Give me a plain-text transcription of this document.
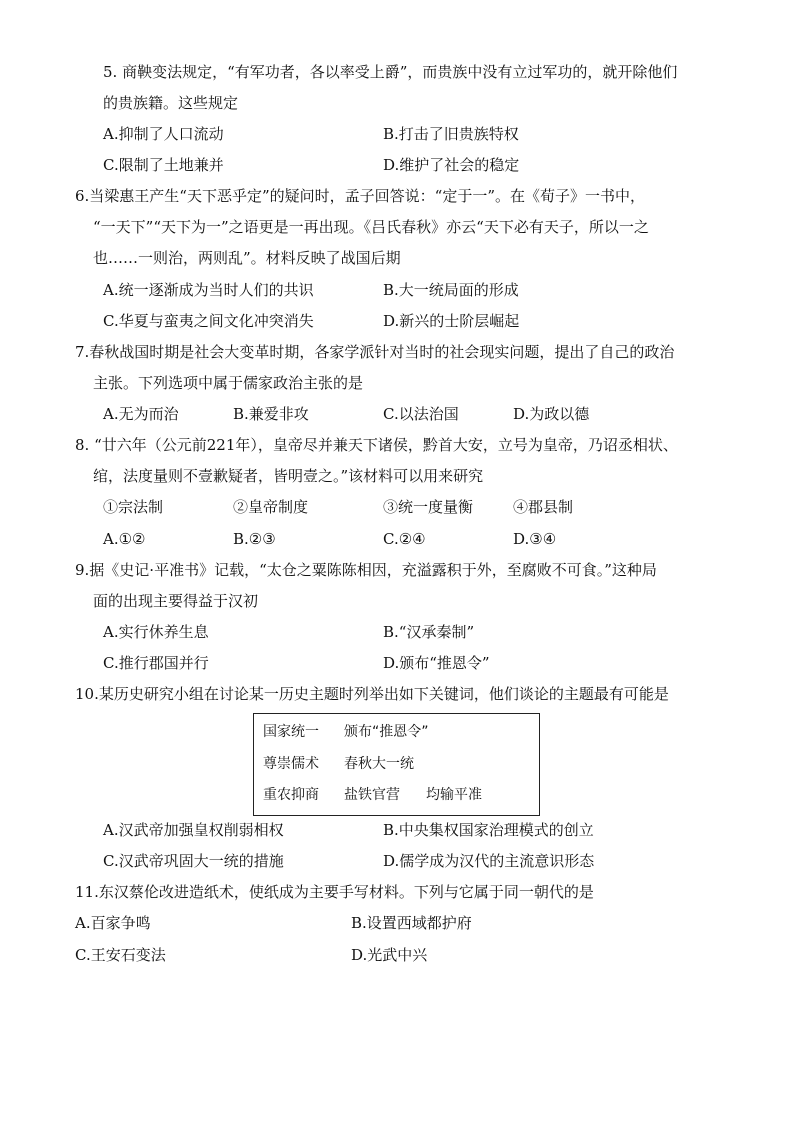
5. 商鞅变法规定，“有军功者，各以率受上爵”，而贵族中没有立过军功的，就开除他们
的贵族籍。这些规定
A.抑制了人口流动	B.打击了旧贵族特权
C.限制了土地兼并	D.维护了社会的稳定
6.当梁惠王产生“天下恶乎定”的疑问时，孟子回答说：“定于一”。在《荀子》一书中，
“一天下”“天下为一”之语更是一再出现。《吕氏春秋》亦云“天下必有天子，所以一之
也……一则治，两则乱”。材料反映了战国后期
A.统一逐渐成为当时人们的共识	B.大一统局面的形成
C.华夏与蛮夷之间文化冲突消失	D.新兴的士阶层崛起
7.春秋战国时期是社会大变革时期，各家学派针对当时的社会现实问题，提出了自己的政治
主张。下列选项中属于儒家政治主张的是
A.无为而治	B.兼爱非攻	C.以法治国	D.为政以德
8. “廿六年（公元前221年），皇帝尽并兼天下诸侯，黔首大安，立号为皇帝，乃诏丞相状、
绾，法度量则不壹歉疑者，皆明壹之。”该材料可以用来研究
①宗法制	②皇帝制度	③统一度量衡	④郡县制
A.①②	B.②③	C.②④	D.③④
9.据《史记·平准书》记载，“太仓之粟陈陈相因，充溢露积于外，至腐败不可食。”这种局
面的出现主要得益于汉初
A.实行休养生息	B.“汉承秦制”
C.推行郡国并行	D.颁布“推恩令”
10.某历史研究小组在讨论某一历史主题时列举出如下关键词，他们谈论的主题最有可能是
国家统一 颁布“推恩令”
尊崇儒术 春秋大一统
重农抑商 盐铁官营 均输平准
A.汉武帝加强皇权削弱相权	B.中央集权国家治理模式的创立
C.汉武帝巩固大一统的措施	D.儒学成为汉代的主流意识形态
11.东汉蔡伦改进造纸术，使纸成为主要手写材料。下列与它属于同一朝代的是
A.百家争鸣	B.设置西域都护府
C.王安石变法	D.光武中兴
